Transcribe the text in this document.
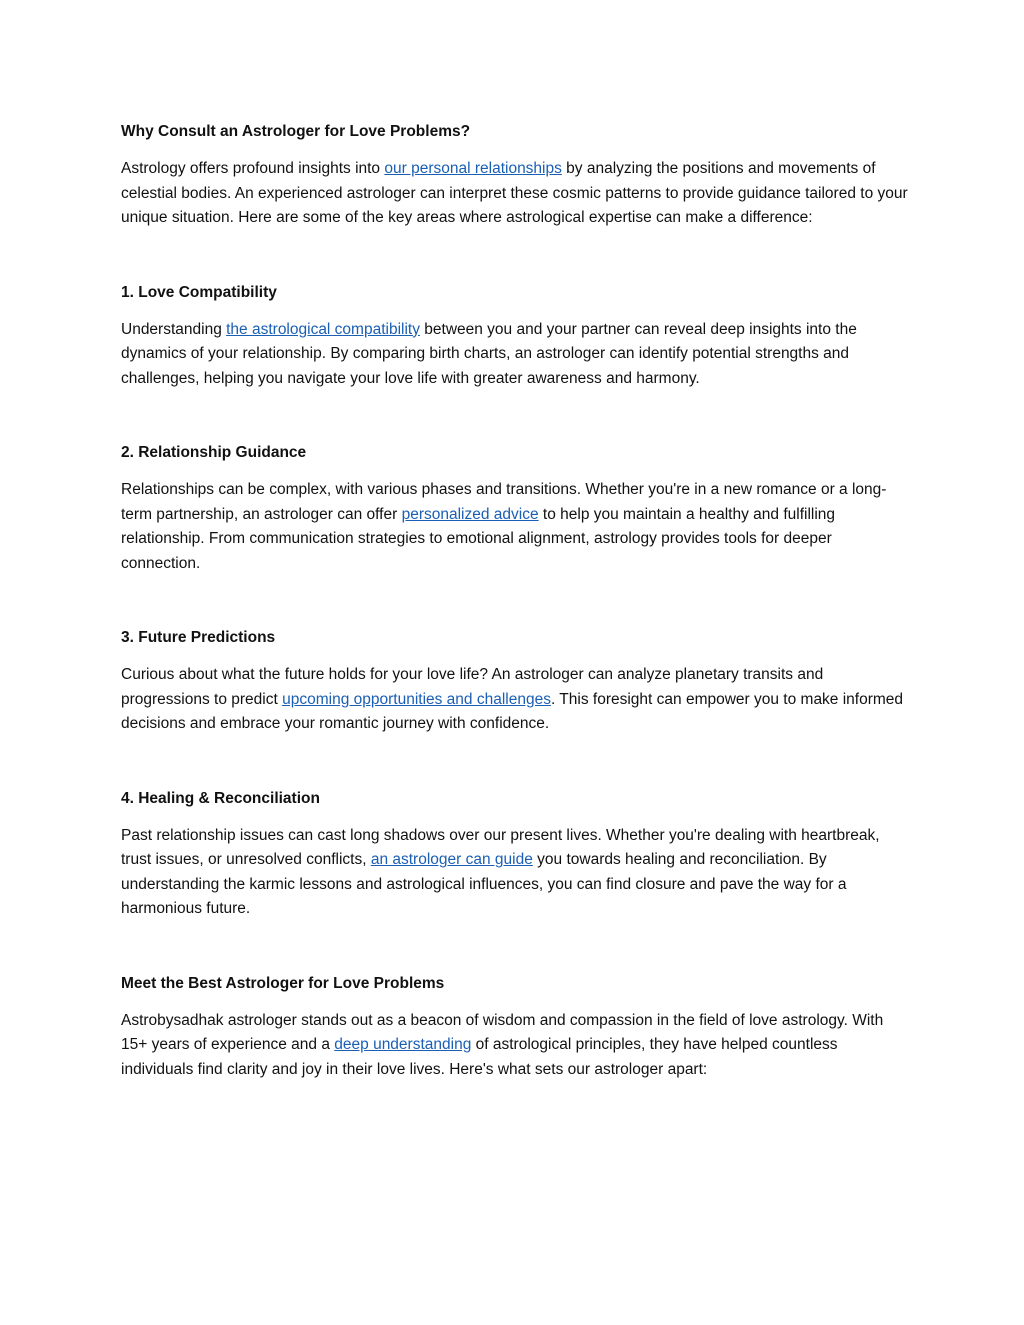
Why Consult an Astrologer for Love Problems?

Astrology offers profound insights into our personal relationships by analyzing the positions and movements of celestial bodies. An experienced astrologer can interpret these cosmic patterns to provide guidance tailored to your unique situation. Here are some of the key areas where astrological expertise can make a difference:

1. Love Compatibility

Understanding the astrological compatibility between you and your partner can reveal deep insights into the dynamics of your relationship. By comparing birth charts, an astrologer can identify potential strengths and challenges, helping you navigate your love life with greater awareness and harmony.

2. Relationship Guidance

Relationships can be complex, with various phases and transitions. Whether you're in a new romance or a long-term partnership, an astrologer can offer personalized advice to help you maintain a healthy and fulfilling relationship. From communication strategies to emotional alignment, astrology provides tools for deeper connection.

3. Future Predictions

Curious about what the future holds for your love life? An astrologer can analyze planetary transits and progressions to predict upcoming opportunities and challenges. This foresight can empower you to make informed decisions and embrace your romantic journey with confidence.

4. Healing & Reconciliation

Past relationship issues can cast long shadows over our present lives. Whether you're dealing with heartbreak, trust issues, or unresolved conflicts, an astrologer can guide you towards healing and reconciliation. By understanding the karmic lessons and astrological influences, you can find closure and pave the way for a harmonious future.

Meet the Best Astrologer for Love Problems

Astrobysadhak astrologer stands out as a beacon of wisdom and compassion in the field of love astrology. With 15+ years of experience and a deep understanding of astrological principles, they have helped countless individuals find clarity and joy in their love lives. Here's what sets our astrologer apart:
